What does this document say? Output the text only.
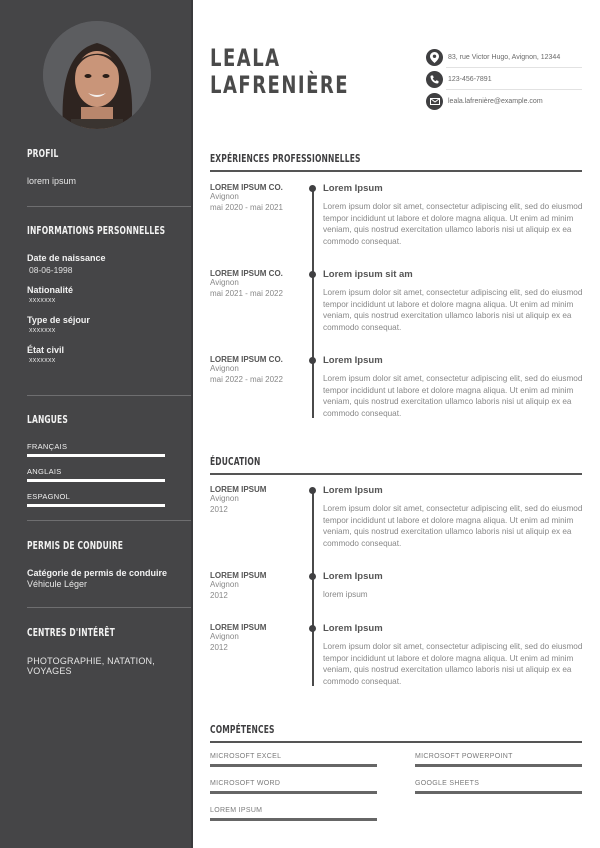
PROFIL
lorem ipsum
INFORMATIONS PERSONNELLES
Date de naissance
08-06-1998
Nationalité
xxxxxxx
Type de séjour
xxxxxxx
État civil
xxxxxxx
LANGUES
FRANÇAIS
ANGLAIS
ESPAGNOL
PERMIS DE CONDUIRE
Catégorie de permis de conduire
Véhicule Léger
CENTRES D'INTÉRÊT
PHOTOGRAPHIE, NATATION,
VOYAGES
LEALA
LAFRENIÈRE
83, rue Victor Hugo, Avignon, 12344
123-456-7891
leala.lafrenière@example.com
EXPÉRIENCES PROFESSIONNELLES
LOREM IPSUM CO.
Avignon
mai 2020 - mai 2021
Lorem Ipsum
Lorem ipsum dolor sit amet, consectetur adipiscing elit, sed do eiusmod tempor incididunt ut labore et dolore magna aliqua. Ut enim ad minim veniam, quis nostrud exercitation ullamco laboris nisi ut aliquip ex ea commodo consequat.
LOREM IPSUM CO.
Avignon
mai 2021 - mai 2022
Lorem ipsum sit am
Lorem ipsum dolor sit amet, consectetur adipiscing elit, sed do eiusmod tempor incididunt ut labore et dolore magna aliqua. Ut enim ad minim veniam, quis nostrud exercitation ullamco laboris nisi ut aliquip ex ea commodo consequat.
LOREM IPSUM CO.
Avignon
mai 2022 - mai 2022
Lorem Ipsum
Lorem ipsum dolor sit amet, consectetur adipiscing elit, sed do eiusmod tempor incididunt ut labore et dolore magna aliqua. Ut enim ad minim veniam, quis nostrud exercitation ullamco laboris nisi ut aliquip ex ea commodo consequat.
ÉDUCATION
LOREM IPSUM
Avignon
2012
Lorem Ipsum
Lorem ipsum dolor sit amet, consectetur adipiscing elit, sed do eiusmod tempor incididunt ut labore et dolore magna aliqua. Ut enim ad minim veniam, quis nostrud exercitation ullamco laboris nisi ut aliquip ex ea commodo consequat.
LOREM IPSUM
Avignon
2012
Lorem Ipsum
lorem ipsum
LOREM IPSUM
Avignon
2012
Lorem Ipsum
Lorem ipsum dolor sit amet, consectetur adipiscing elit, sed do eiusmod tempor incididunt ut labore et dolore magna aliqua. Ut enim ad minim veniam, quis nostrud exercitation ullamco laboris nisi ut aliquip ex ea commodo consequat.
COMPÉTENCES
MICROSOFT EXCEL	MICROSOFT POWERPOINT
MICROSOFT WORD	GOOGLE SHEETS
LOREM IPSUM
